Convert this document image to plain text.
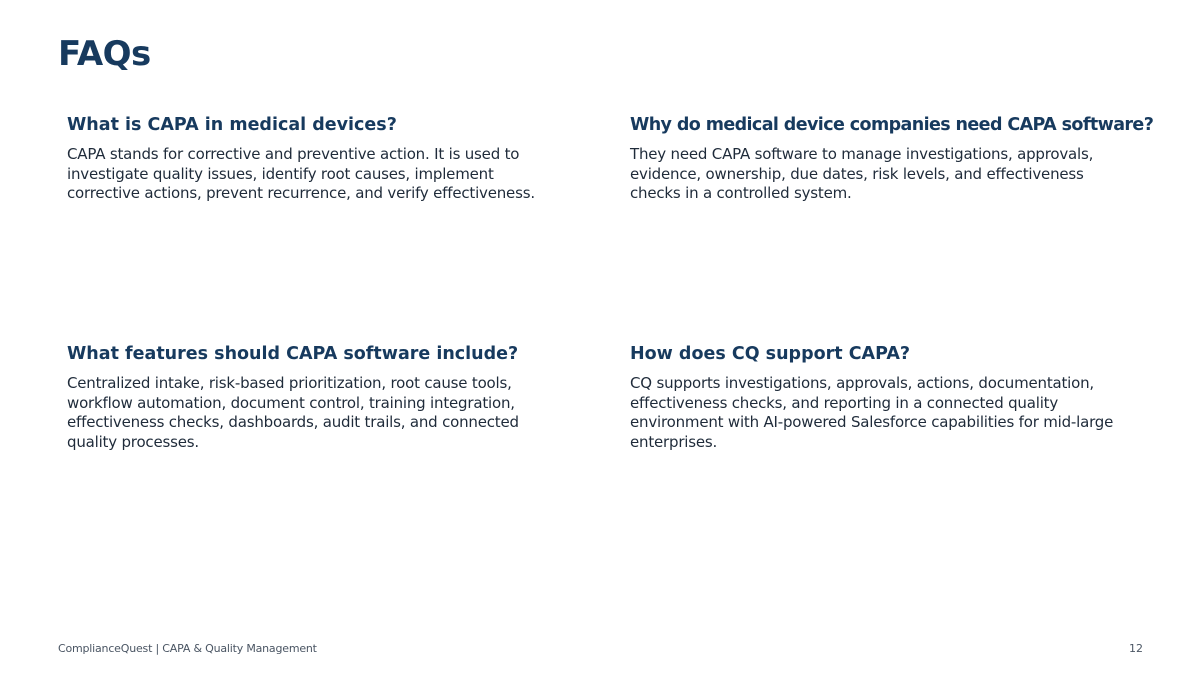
FAQs
What is CAPA in medical devices?
CAPA stands for corrective and preventive action. It is used to investigate quality issues, identify root causes, implement corrective actions, prevent recurrence, and verify effectiveness.
Why do medical device companies need CAPA software?
They need CAPA software to manage investigations, approvals, evidence, ownership, due dates, risk levels, and effectiveness checks in a controlled system.
What features should CAPA software include?
Centralized intake, risk-based prioritization, root cause tools, workflow automation, document control, training integration, effectiveness checks, dashboards, audit trails, and connected quality processes.
How does CQ support CAPA?
CQ supports investigations, approvals, actions, documentation, effectiveness checks, and reporting in a connected quality environment with AI-powered Salesforce capabilities for mid-large enterprises.
ComplianceQuest | CAPA & Quality Management	12
